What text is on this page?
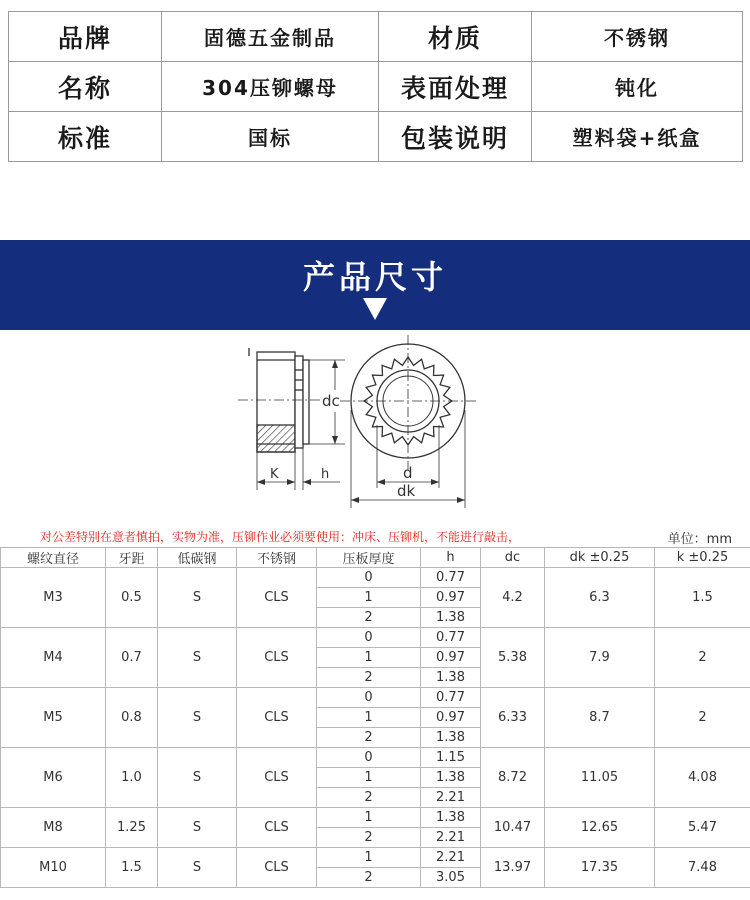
品牌	固德五金制品	材质	不锈钢
名称	304压铆螺母	表面处理	钝化
标准	国标	包装说明	塑料袋+纸盒
产品尺寸
K	h
dc
d
dk
对公差特别在意者慎拍，实物为准，压铆作业必须要使用：冲床、压铆机，不能进行敲击，	单位：mm
螺纹直径	牙距	低碳钢	不锈钢	压板厚度	h	dc	dk ±0.25	k ±0.25
M3	0.5	S	CLS	0	0.77	4.2	6.3	1.5
				1	0.97			
				2	1.38			
M4	0.7	S	CLS	0	0.77	5.38	7.9	2
				1	0.97			
				2	1.38			
M5	0.8	S	CLS	0	0.77	6.33	8.7	2
				1	0.97			
				2	1.38			
M6	1.0	S	CLS	0	1.15	8.72	11.05	4.08
				1	1.38			
				2	2.21			
M8	1.25	S	CLS	1	1.38	10.47	12.65	5.47
				2	2.21			
M10	1.5	S	CLS	1	2.21	13.97	17.35	7.48
				2	3.05			
